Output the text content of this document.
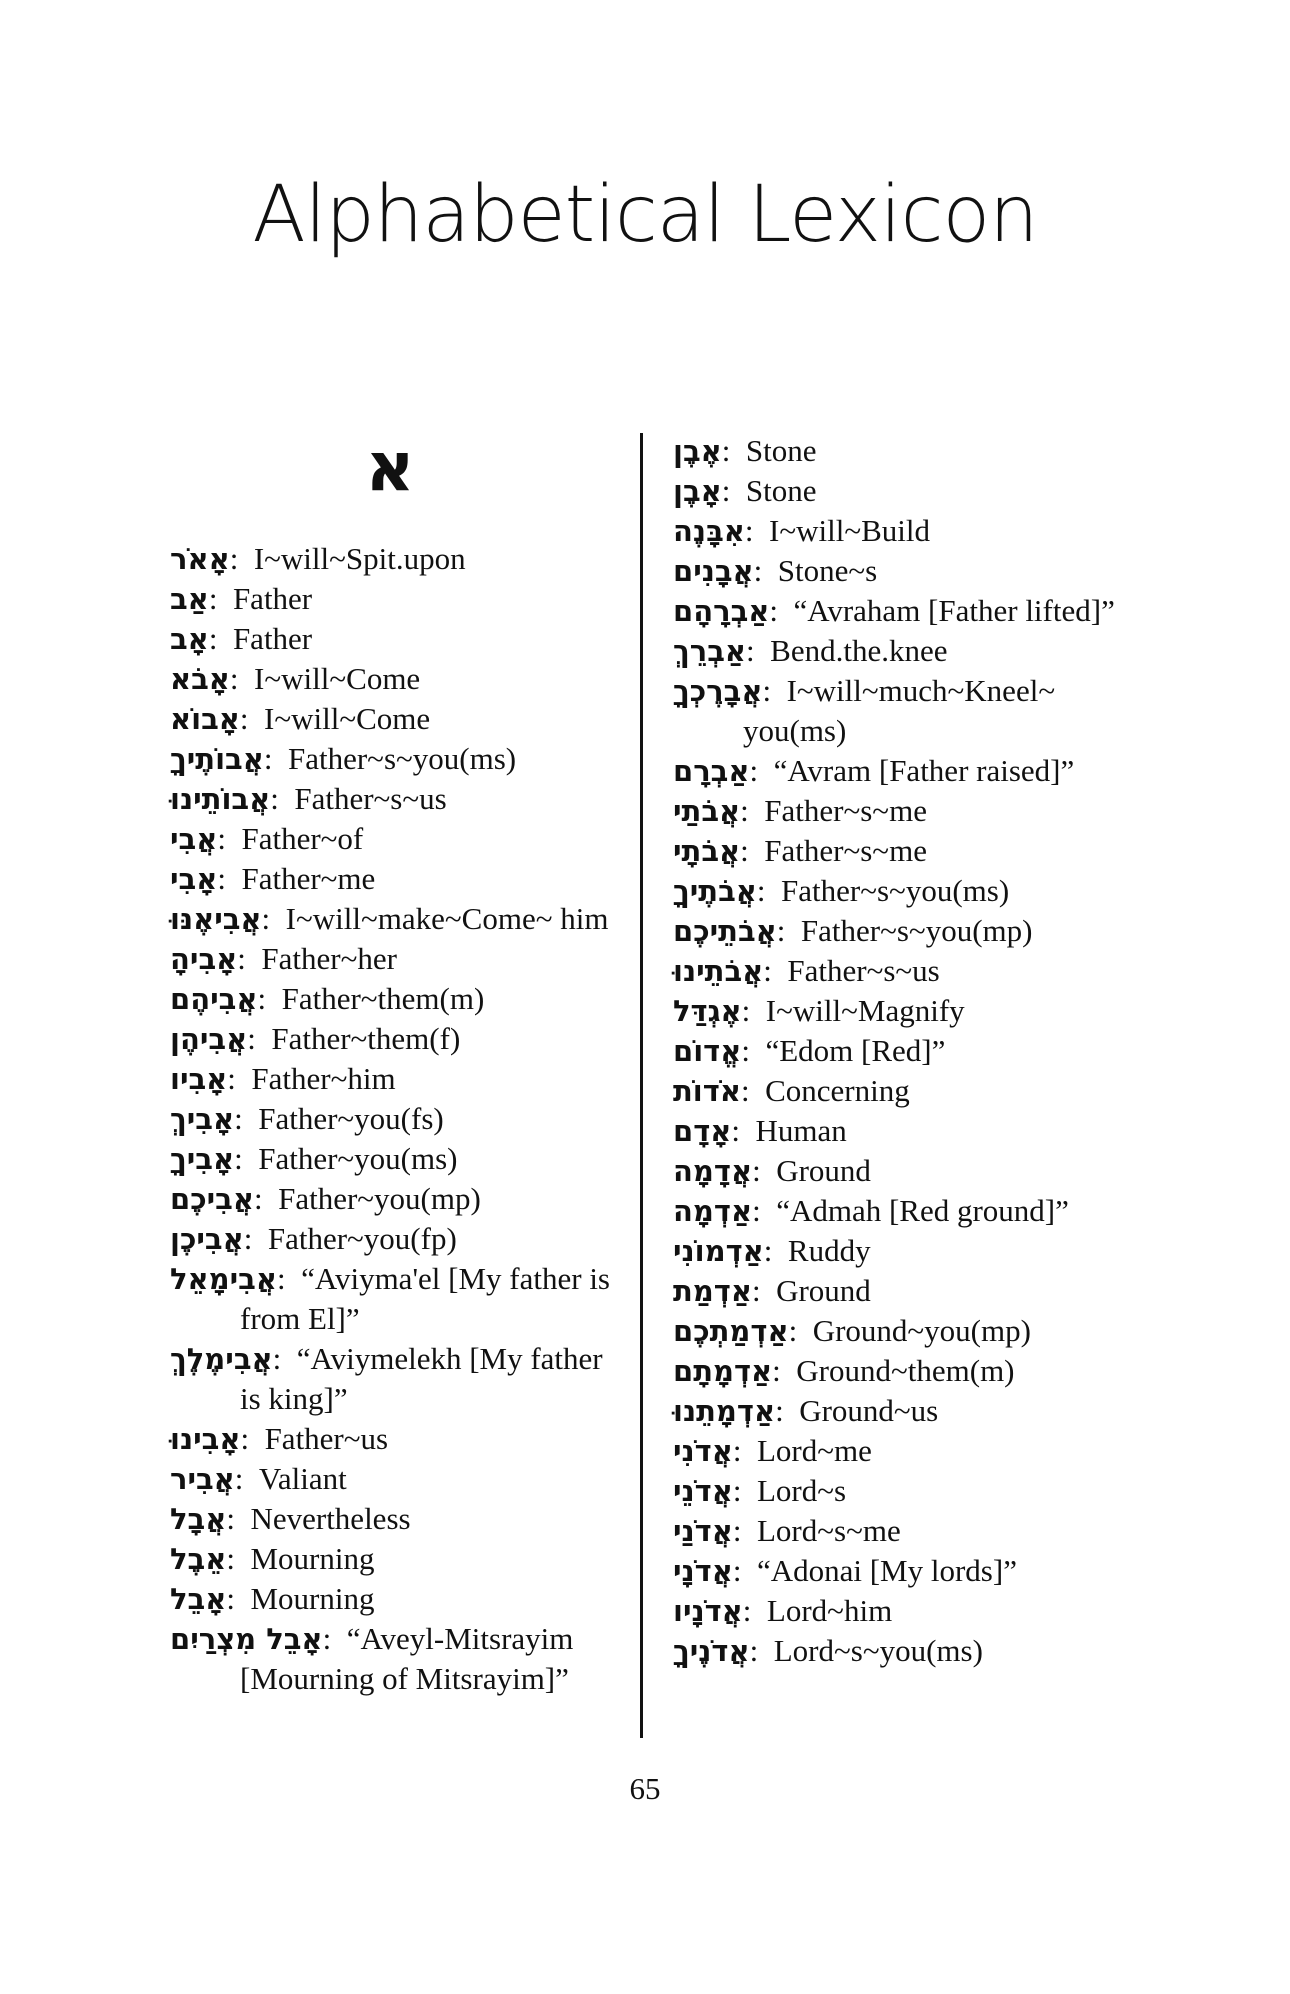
Alphabetical Lexicon
א
אָאֹר:  I~will~Spit.upon
אַב:  Father
אָב:  Father
אָבֹא:  I~will~Come
אָבוֹא:  I~will~Come
אֲבוֹתֶיךָ:  Father~s~you(ms)
אֲבוֹתֵינוּ:  Father~s~us
אֲבִי:  Father~of
אָבִי:  Father~me
אֲבִיאֶנּוּ:  I~will~make~Come~ him
אָבִיהָ:  Father~her
אֲבִיהֶם:  Father~them(m)
אֲבִיהֶן:  Father~them(f)
אָבִיו:  Father~him
אָבִיךְ:  Father~you(fs)
אָבִיךָ:  Father~you(ms)
אֲבִיכֶם:  Father~you(mp)
אֲבִיכֶן:  Father~you(fp)
אֲבִימָאֵל:  “Aviyma'el [My father is from El]”
אֲבִימֶלֶךְ:  “Aviymelekh [My father is king]”
אָבִינוּ:  Father~us
אֲבִיר:  Valiant
אֲבָל:  Nevertheless
אֵבֶל:  Mourning
אָבֵל:  Mourning
אָבֵל מִצְרַיִם:  “Aveyl-Mitsrayim [Mourning of Mitsrayim]”
אֶבֶן:  Stone
אָבֶן:  Stone
אִבָּנֶה:  I~will~Build
אֲבָנִים:  Stone~s
אַבְרָהָם:  “Avraham [Father lifted]”
אַבְרֵךְ:  Bend.the.knee
אֲבָרֶכְךָ:  I~will~much~Kneel~ you(ms)
אַבְרָם:  “Avram [Father raised]”
אֲבֹתַי:  Father~s~me
אֲבֹתָי:  Father~s~me
אֲבֹתֶיךָ:  Father~s~you(ms)
אֲבֹתֵיכֶם:  Father~s~you(mp)
אֲבֹתֵינוּ:  Father~s~us
אֶגְדַּל:  I~will~Magnify
אֱדוֹם:  “Edom [Red]”
אֹדוֹת:  Concerning
אָדָם:  Human
אֲדָמָה:  Ground
אַדְמָה:  “Admah [Red ground]”
אַדְמוֹנִי:  Ruddy
אַדְמַת:  Ground
אַדְמַתְכֶם:  Ground~you(mp)
אַדְמָתָם:  Ground~them(m)
אַדְמָתֵנוּ:  Ground~us
אֲדֹנִי:  Lord~me
אֲדֹנֵי:  Lord~s
אֲדֹנַי:  Lord~s~me
אֲדֹנָי:  “Adonai [My lords]”
אֲדֹנָיו:  Lord~him
אֲדֹנֶיךָ:  Lord~s~you(ms)
65
